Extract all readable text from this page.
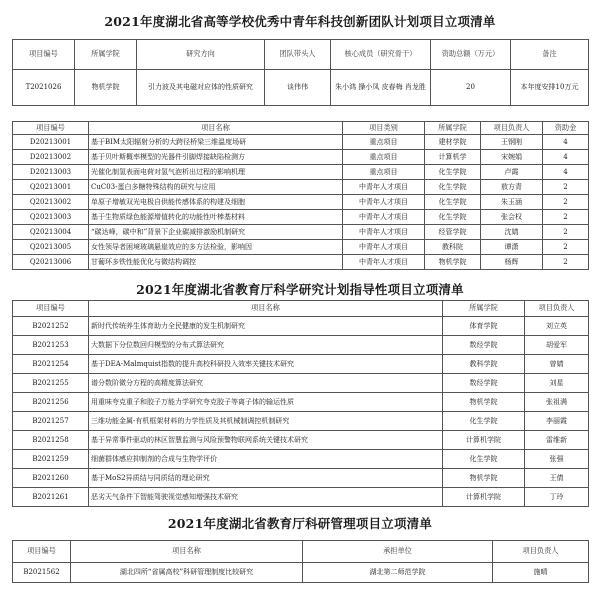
2021年度湖北省高等学校优秀中青年科技创新团队计划项目立项清单
项目编号	所属学院	研究方向	团队带头人	核心成员（研究骨干）	资助总额（万元）	备注
T2021026	物机学院	引力波及其电磁对应体的性质研究	谈伟伟	朱小鸿 操小凤 皮春梅 肖龙胜	20	本年度安排10万元
项目编号	项目名称	项目类别	所属学院	项目负责人	资助金
D20213001	基于BIM太阳辐射分析的大跨径桥梁三维温度场研	重点项目	建材学院	王钢刚	4
D20213002	基于贝叶斯概率模型的光器件引脚焊接缺陷检测方	重点项目	计算机学	宋婉娟	4
D20213003	光催化制氢表面电荷对氢气泡析出过程的影响机理	重点项目	化生学院	卢霞	4
Q20213001	CuC03-蛋白多糖特殊结构的研究与应用	中青年人才项目	化生学院	敖方青	2
Q20213002	单原子增敏双光电极自供能传感体系的构建及细胞	中青年人才项目	化生学院	朱玉涵	2
Q20213003	基于生物质绿色能源增值转化的功能性叶棒基材料	中青年人才项目	化生学院	张会权	2
Q20213004	“碳达峰，碳中和”背景下企业碳减排激励机制研究	中青年人才项目	经管学院	沈婧	2
Q20213005	女性领导者困境玻璃悬崖效应的多方法检验，影响因	中青年人才项目	教科院	谭潇	2
Q20213006	甘葡环多铁性能优化与微结构调控	中青年人才项目	物机学院	杨辉	2
2021年度湖北省教育厅科学研究计划指导性项目立项清单
项目编号	项目名称	所属学院	项目负责人
B2021252	新时代传统养生体育助力全民健康的发生机制研究	体育学院	刘立英
B2021253	大数据下分位数回归模型的分布式算法研究	数经学院	胡爱军
B2021254	基于DEA-Malmquist指数的提升高校科研投入效率关键技术研究	教科学院	曾婧
B2021255	谱分数阶微分方程的高精度算法研究	数经学院	刘星
B2021256	用重味夸克重子和胶子万能力学研究夸克胶子等离子体的输运性质	物机学院	张祖满
B2021257	三维功能金属-有机框架材料的力学性质及其机械制调控机制研究	化生学院	李丽霞
B2021258	基于异常事件驱动的林区智慧监测与风险预警物联网系统关键技术研究	计算机学院	雷维新
B2021259	细菌群体感应抑制剂的合成与生物学评价	化生学院	张强
B2021260	基于MoS2异质结与同质结的理论研究	物机学院	王倩
B2021261	恶劣天气条件下智能驾驶视觉感知增强技术研究	计算机学院	丁玲
2021年度湖北省教育厅科研管理项目立项清单
项目编号	项目名称	承担单位	项目负责人
B2021562	湖北四所“省属高校”科研管理制度比较研究	湖北第二师范学院	施晴
